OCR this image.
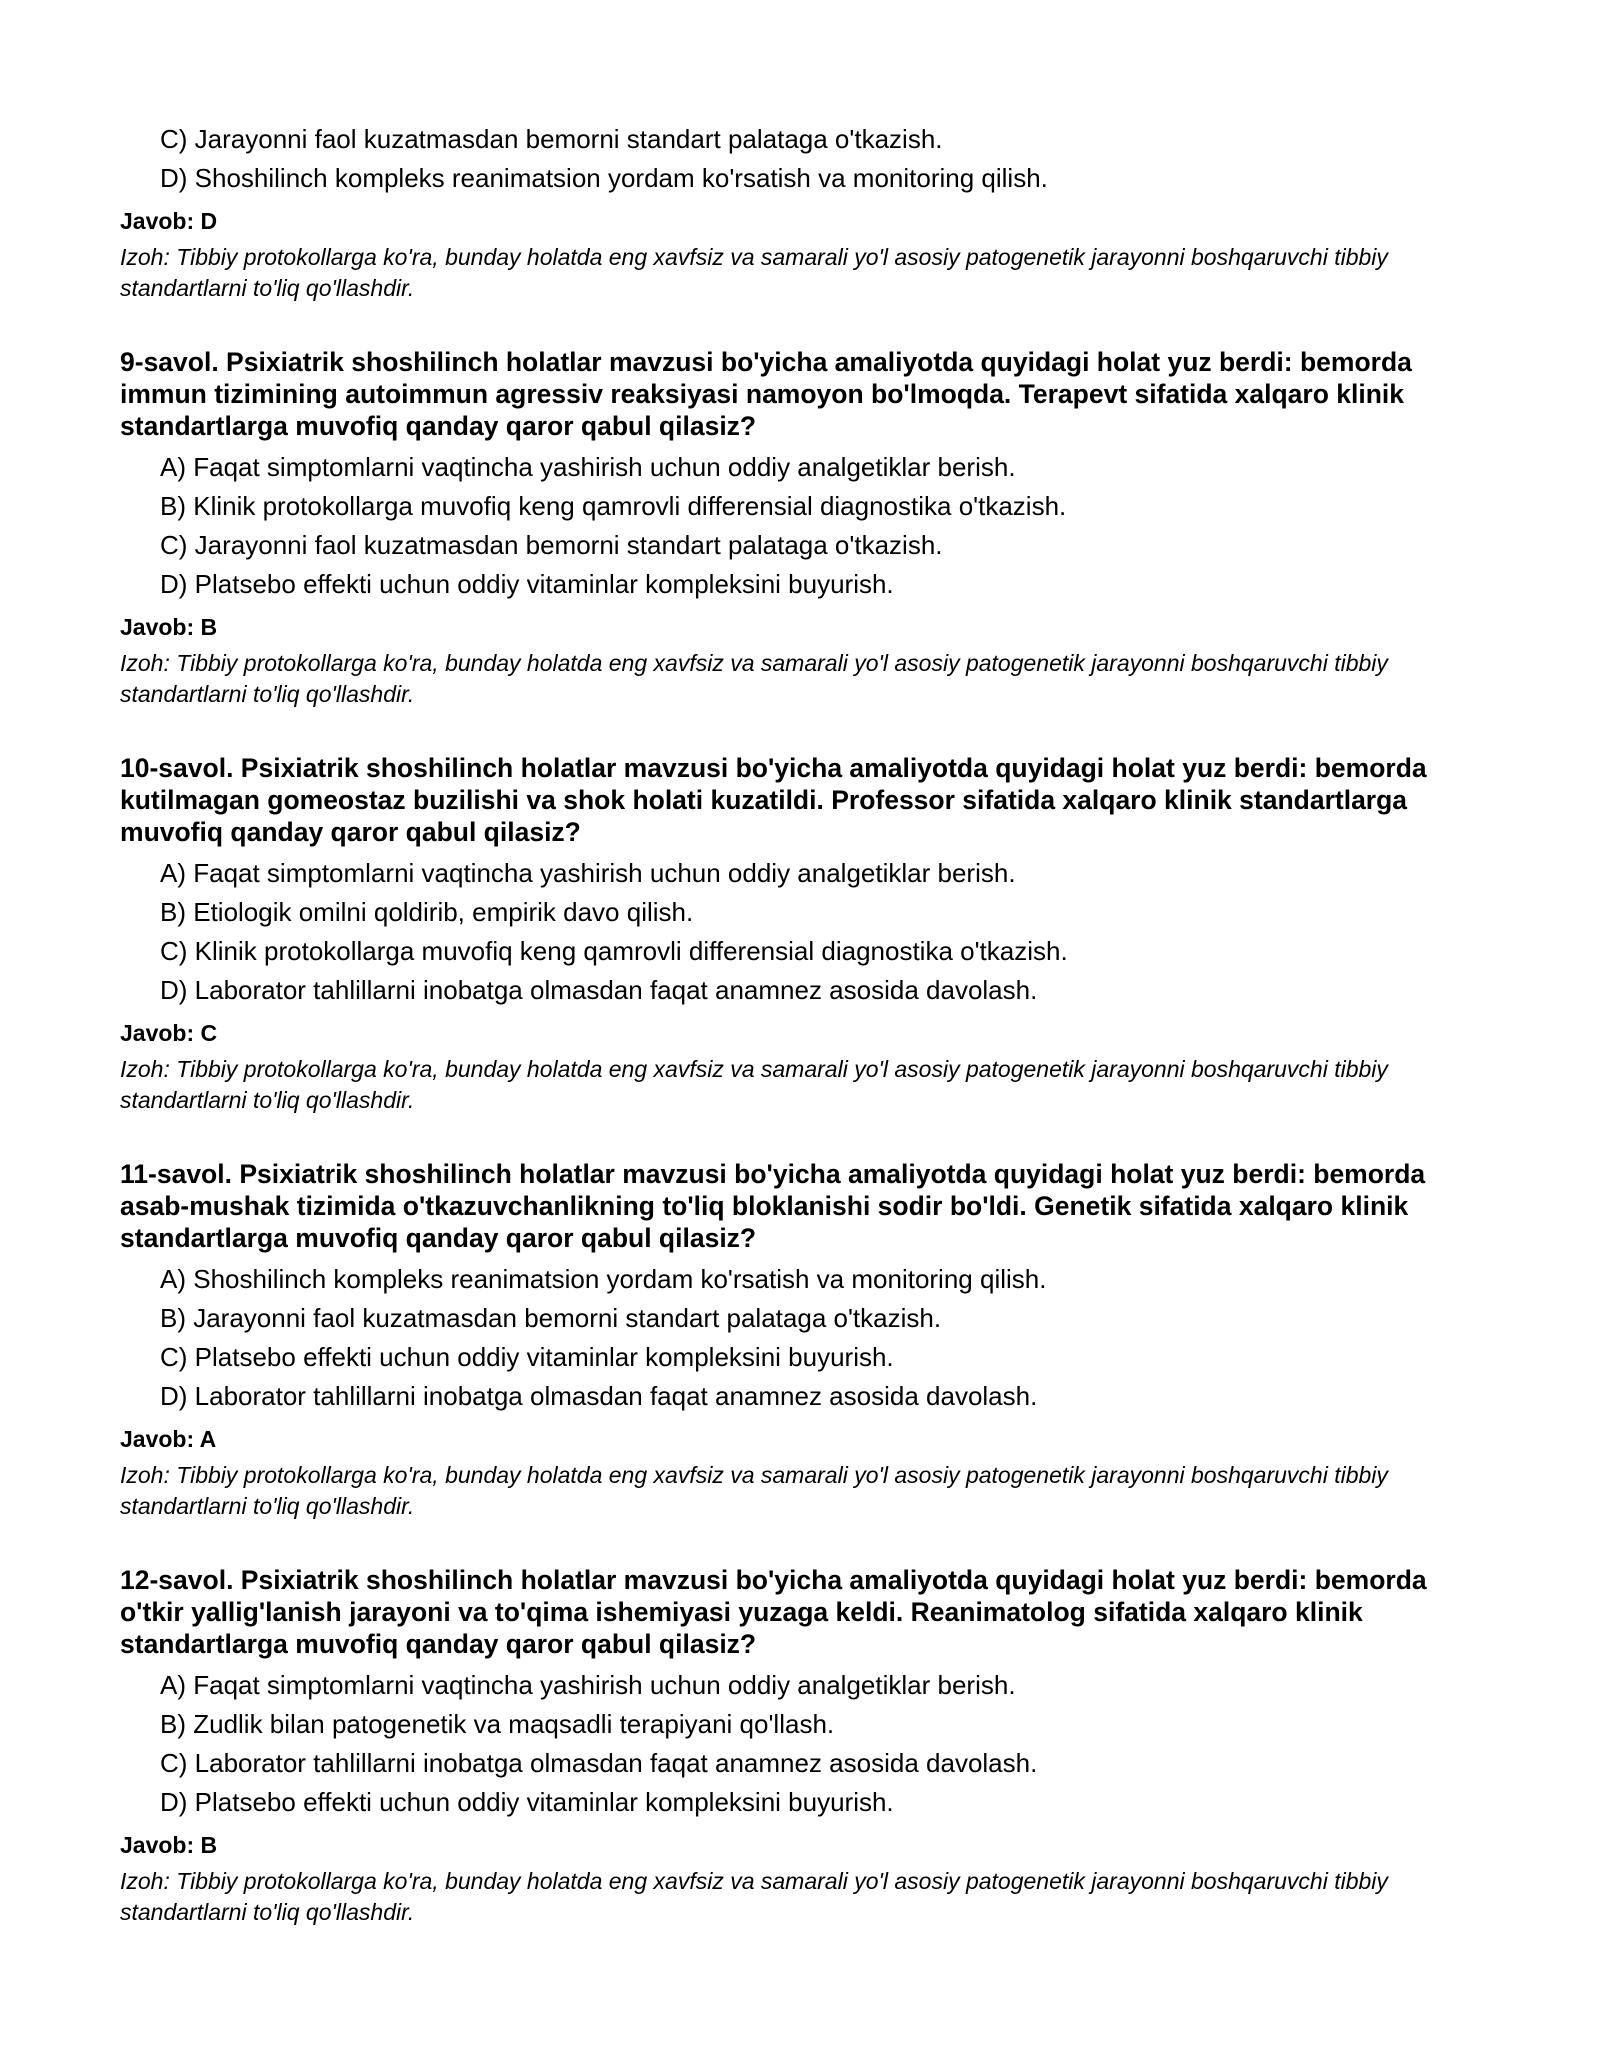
C) Jarayonni faol kuzatmasdan bemorni standart palataga o'tkazish.
D) Shoshilinch kompleks reanimatsion yordam ko'rsatish va monitoring qilish.
Javob: D
Izoh: Tibbiy protokollarga ko'ra, bunday holatda eng xavfsiz va samarali yo'l asosiy patogenetik jarayonni boshqaruvchi tibbiy standartlarni to'liq qo'llashdir.
9-savol. Psixiatrik shoshilinch holatlar mavzusi bo'yicha amaliyotda quyidagi holat yuz berdi: bemorda immun tizimining autoimmun agressiv reaksiyasi namoyon bo'lmoqda. Terapevt sifatida xalqaro klinik standartlarga muvofiq qanday qaror qabul qilasiz?
A) Faqat simptomlarni vaqtincha yashirish uchun oddiy analgetiklar berish.
B) Klinik protokollarga muvofiq keng qamrovli differensial diagnostika o'tkazish.
C) Jarayonni faol kuzatmasdan bemorni standart palataga o'tkazish.
D) Platsebo effekti uchun oddiy vitaminlar kompleksini buyurish.
Javob: B
Izoh: Tibbiy protokollarga ko'ra, bunday holatda eng xavfsiz va samarali yo'l asosiy patogenetik jarayonni boshqaruvchi tibbiy standartlarni to'liq qo'llashdir.
10-savol. Psixiatrik shoshilinch holatlar mavzusi bo'yicha amaliyotda quyidagi holat yuz berdi: bemorda kutilmagan gomeostaz buzilishi va shok holati kuzatildi. Professor sifatida xalqaro klinik standartlarga muvofiq qanday qaror qabul qilasiz?
A) Faqat simptomlarni vaqtincha yashirish uchun oddiy analgetiklar berish.
B) Etiologik omilni qoldirib, empirik davo qilish.
C) Klinik protokollarga muvofiq keng qamrovli differensial diagnostika o'tkazish.
D) Laborator tahlillarni inobatga olmasdan faqat anamnez asosida davolash.
Javob: C
Izoh: Tibbiy protokollarga ko'ra, bunday holatda eng xavfsiz va samarali yo'l asosiy patogenetik jarayonni boshqaruvchi tibbiy standartlarni to'liq qo'llashdir.
11-savol. Psixiatrik shoshilinch holatlar mavzusi bo'yicha amaliyotda quyidagi holat yuz berdi: bemorda asab-mushak tizimida o'tkazuvchanlikning to'liq bloklanishi sodir bo'ldi. Genetik sifatida xalqaro klinik standartlarga muvofiq qanday qaror qabul qilasiz?
A) Shoshilinch kompleks reanimatsion yordam ko'rsatish va monitoring qilish.
B) Jarayonni faol kuzatmasdan bemorni standart palataga o'tkazish.
C) Platsebo effekti uchun oddiy vitaminlar kompleksini buyurish.
D) Laborator tahlillarni inobatga olmasdan faqat anamnez asosida davolash.
Javob: A
Izoh: Tibbiy protokollarga ko'ra, bunday holatda eng xavfsiz va samarali yo'l asosiy patogenetik jarayonni boshqaruvchi tibbiy standartlarni to'liq qo'llashdir.
12-savol. Psixiatrik shoshilinch holatlar mavzusi bo'yicha amaliyotda quyidagi holat yuz berdi: bemorda o'tkir yallig'lanish jarayoni va to'qima ishemiyasi yuzaga keldi. Reanimatolog sifatida xalqaro klinik standartlarga muvofiq qanday qaror qabul qilasiz?
A) Faqat simptomlarni vaqtincha yashirish uchun oddiy analgetiklar berish.
B) Zudlik bilan patogenetik va maqsadli terapiyani qo'llash.
C) Laborator tahlillarni inobatga olmasdan faqat anamnez asosida davolash.
D) Platsebo effekti uchun oddiy vitaminlar kompleksini buyurish.
Javob: B
Izoh: Tibbiy protokollarga ko'ra, bunday holatda eng xavfsiz va samarali yo'l asosiy patogenetik jarayonni boshqaruvchi tibbiy standartlarni to'liq qo'llashdir.
